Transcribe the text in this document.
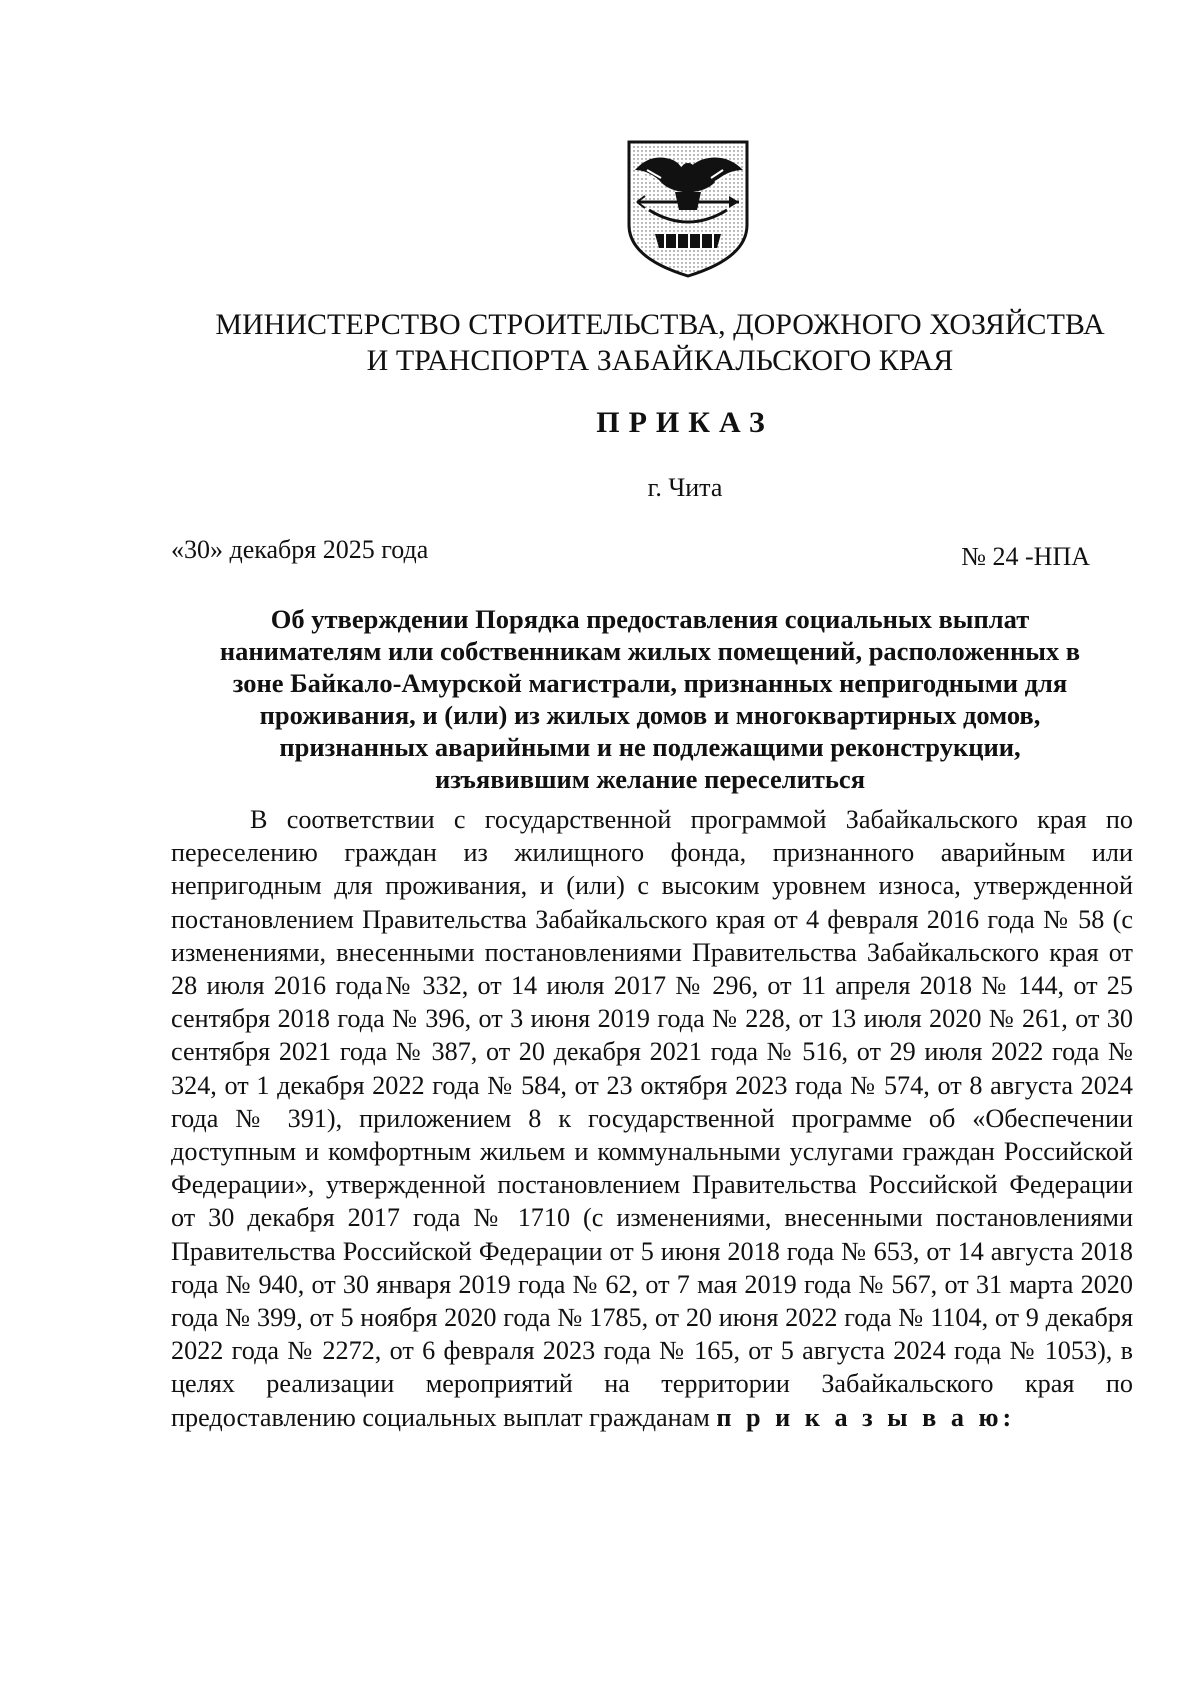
МИНИСТЕРСТВО СТРОИТЕЛЬСТВА, ДОРОЖНОГО ХОЗЯЙСТВА
И ТРАНСПОРТА ЗАБАЙКАЛЬСКОГО КРАЯ
ПРИКАЗ
г. Чита
«30» декабря 2025 года	№ 24 -НПА
Об утверждении Порядка предоставления социальных выплат
нанимателям или собственникам жилых помещений, расположенных в
зоне Байкало-Амурской магистрали, признанных непригодными для
проживания, и (или) из жилых домов и многоквартирных домов,
признанных аварийными и не подлежащими реконструкции,
изъявившим желание переселиться

В соответствии с государственной программой Забайкальского края по переселению граждан из жилищного фонда, признанного аварийным или непригодным для проживания, и (или) с высоким уровнем износа, утвержденной постановлением Правительства Забайкальского края от 4 февраля 2016 года № 58 (с изменениями, внесенными постановлениями Правительства Забайкальского края от 28 июля 2016 года№ 332, от 14 июля 2017 № 296, от 11 апреля 2018 № 144, от 25 сентября 2018 года № 396, от 3 июня 2019 года № 228, от 13 июля 2020 № 261, от 30 сентября 2021 года № 387, от 20 декабря 2021 года № 516, от 29 июля 2022 года № 324, от 1 декабря 2022 года № 584, от 23 октября 2023 года № 574, от 8 августа 2024 года № 391), приложением 8 к государственной программе об «Обеспечении доступным и комфортным жильем и коммунальными услугами граждан Российской Федерации», утвержденной постановлением Правительства Российской Федерации от 30 декабря 2017 года № 1710 (с изменениями, внесенными постановлениями Правительства Российской Федерации от 5 июня 2018 года № 653, от 14 августа 2018 года № 940, от 30 января 2019 года № 62, от 7 мая 2019 года № 567, от 31 марта 2020 года № 399, от 5 ноября 2020 года № 1785, от 20 июня 2022 года № 1104, от 9 декабря 2022 года № 2272, от 6 февраля 2023 года № 165, от 5 августа 2024 года № 1053), в целях реализации мероприятий на территории Забайкальского края по предоставлению социальных выплат гражданам п р и к а з ы в а ю:
